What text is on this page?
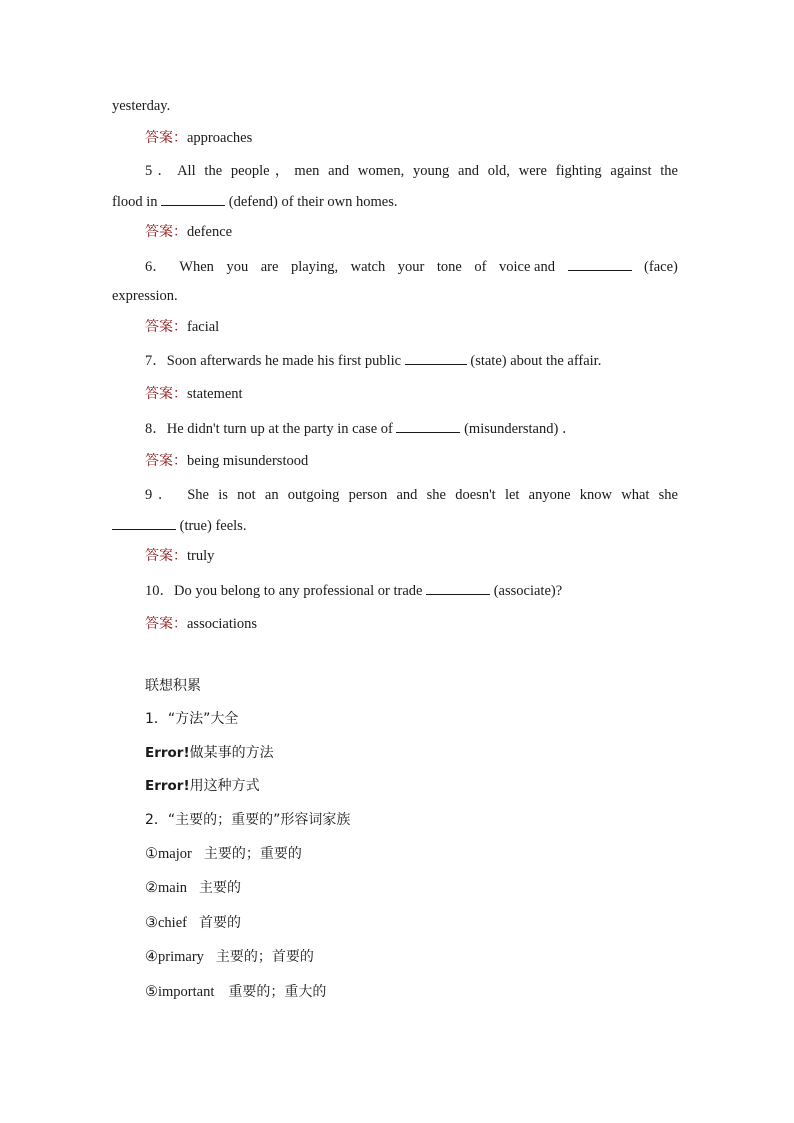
yesterday.
答案：approaches
5．All the people，men and women, young and old, were fighting against the
flood in	(defend) of their own homes.
答案：defence
6． When you are playing, watch your tone of voice and	(face)
expression.
答案：facial
7．Soon afterwards he made his first public	(state) about the affair.
答案：statement
8．He didn't turn up at the party in case of	(misunderstand) ．
答案：being misunderstood
9． She is not an outgoing person and she doesn't let anyone know what she
(true) feels.
答案：truly
10．Do you belong to any professional or trade	(associate)?
答案：associations
联想积累
1．“方法”大全
Error!做某事的方法
Error!用这种方式
2．“主要的；重要的”形容词家族
①major 主要的；重要的
②main 主要的
③chief 首要的
④primary 主要的；首要的
⑤important 重要的；重大的
